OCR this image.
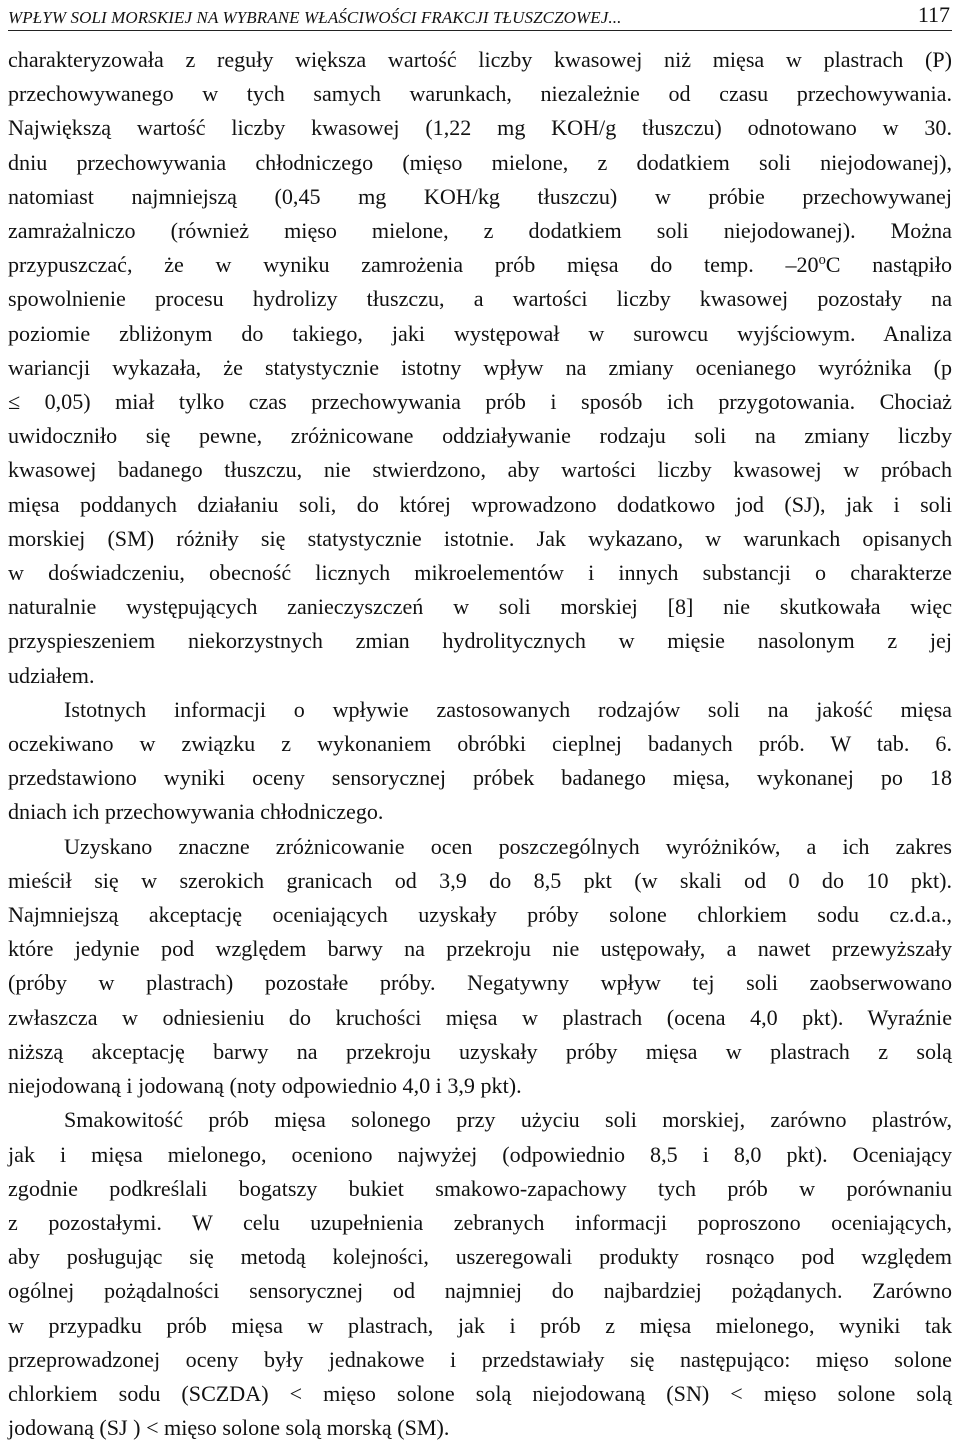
WPŁYW SOLI MORSKIEJ NA WYBRANE WŁAŚCIWOŚCI FRAKCJI TŁUSZCZOWEJ...	117
charakteryzowała z reguły większa wartość liczby kwasowej niż mięsa w plastrach (P)
przechowywanego w tych samych warunkach, niezależnie od czasu przechowywania.
Największą wartość liczby kwasowej (1,22 mg KOH/g tłuszczu) odnotowano w 30.
dniu przechowywania chłodniczego (mięso mielone, z dodatkiem soli niejodowanej),
natomiast najmniejszą (0,45 mg KOH/kg tłuszczu) w próbie przechowywanej
zamrażalniczo (również mięso mielone, z dodatkiem soli niejodowanej). Można
przypuszczać, że w wyniku zamrożenia prób mięsa do temp. –20$^o$C nastąpiło
spowolnienie procesu hydrolizy tłuszczu, a wartości liczby kwasowej pozostały na
poziomie zbliżonym do takiego, jaki występował w surowcu wyjściowym. Analiza
wariancji wykazała, że statystycznie istotny wpływ na zmiany ocenianego wyróżnika (p
≤ 0,05) miał tylko czas przechowywania prób i sposób ich przygotowania. Chociaż
uwidoczniło się pewne, zróżnicowane oddziaływanie rodzaju soli na zmiany liczby
kwasowej badanego tłuszczu, nie stwierdzono, aby wartości liczby kwasowej w próbach
mięsa poddanych działaniu soli, do której wprowadzono dodatkowo jod (SJ), jak i soli
morskiej (SM) różniły się statystycznie istotnie. Jak wykazano, w warunkach opisanych
w doświadczeniu, obecność licznych mikroelementów i innych substancji o charakterze
naturalnie występujących zanieczyszczeń w soli morskiej [8] nie skutkowała więc
przyspieszeniem niekorzystnych zmian hydrolitycznych w mięsie nasolonym z jej
udziałem.
Istotnych informacji o wpływie zastosowanych rodzajów soli na jakość mięsa
oczekiwano w związku z wykonaniem obróbki cieplnej badanych prób. W tab. 6.
przedstawiono wyniki oceny sensorycznej próbek badanego mięsa, wykonanej po 18
dniach ich przechowywania chłodniczego.
Uzyskano znaczne zróżnicowanie ocen poszczególnych wyróżników, a ich zakres
mieścił się w szerokich granicach od 3,9 do 8,5 pkt (w skali od 0 do 10 pkt).
Najmniejszą akceptację oceniających uzyskały próby solone chlorkiem sodu cz.d.a.,
które jedynie pod względem barwy na przekroju nie ustępowały, a nawet przewyższały
(próby w plastrach) pozostałe próby. Negatywny wpływ tej soli zaobserwowano
zwłaszcza w odniesieniu do kruchości mięsa w plastrach (ocena 4,0 pkt). Wyraźnie
niższą akceptację barwy na przekroju uzyskały próby mięsa w plastrach z solą
niejodowaną i jodowaną (noty odpowiednio 4,0 i 3,9 pkt).
Smakowitość prób mięsa solonego przy użyciu soli morskiej, zarówno plastrów,
jak i mięsa mielonego, oceniono najwyżej (odpowiednio 8,5 i 8,0 pkt). Oceniający
zgodnie podkreślali bogatszy bukiet smakowo-zapachowy tych prób w porównaniu
z pozostałymi. W celu uzupełnienia zebranych informacji poproszono oceniających,
aby posługując się metodą kolejności, uszeregowali produkty rosnąco pod względem
ogólnej pożądalności sensorycznej od najmniej do najbardziej pożądanych. Zarówno
w przypadku prób mięsa w plastrach, jak i prób z mięsa mielonego, wyniki tak
przeprowadzonej oceny były jednakowe i przedstawiały się następująco: mięso solone
chlorkiem sodu (SCZDA) < mięso solone solą niejodowaną (SN) < mięso solone solą
jodowaną (SJ ) < mięso solone solą morską (SM).
